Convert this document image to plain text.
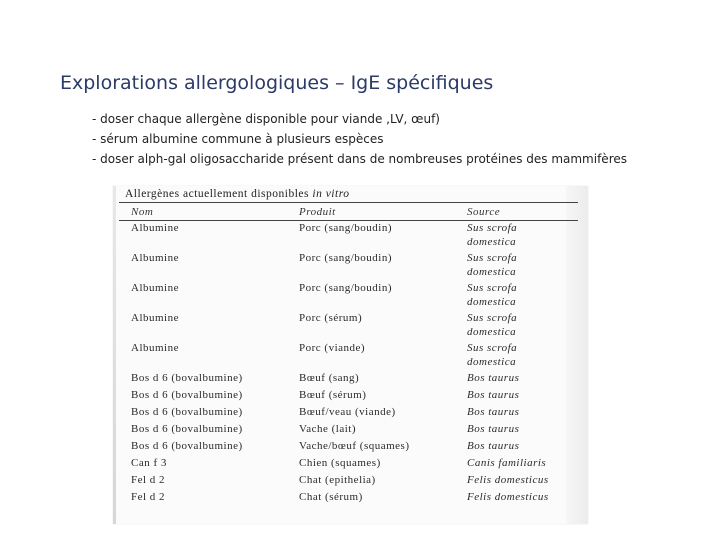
Explorations allergologiques – IgE spécifiques
- doser chaque allergène disponible pour viande ,LV, œuf)
- sérum albumine commune à plusieurs espèces
- doser alph-gal oligosaccharide présent dans de nombreuses protéines des mammifères
Allergènes actuellement disponibles in vitro
Nom	Produit	Source
Albumine	Porc (sang/boudin)	Sus scrofa
domestica
Albumine	Porc (sang/boudin)	Sus scrofa
domestica
Albumine	Porc (sang/boudin)	Sus scrofa
domestica
Albumine	Porc (sérum)	Sus scrofa
domestica
Albumine	Porc (viande)	Sus scrofa
domestica
Bos d 6 (bovalbumine)	Bœuf (sang)	Bos taurus
Bos d 6 (bovalbumine)	Bœuf (sérum)	Bos taurus
Bos d 6 (bovalbumine)	Bœuf/veau (viande)	Bos taurus
Bos d 6 (bovalbumine)	Vache (lait)	Bos taurus
Bos d 6 (bovalbumine)	Vache/bœuf (squames)	Bos taurus
Can f 3	Chien (squames)	Canis familiaris
Fel d 2	Chat (epithelia)	Felis domesticus
Fel d 2	Chat (sérum)	Felis domesticus
